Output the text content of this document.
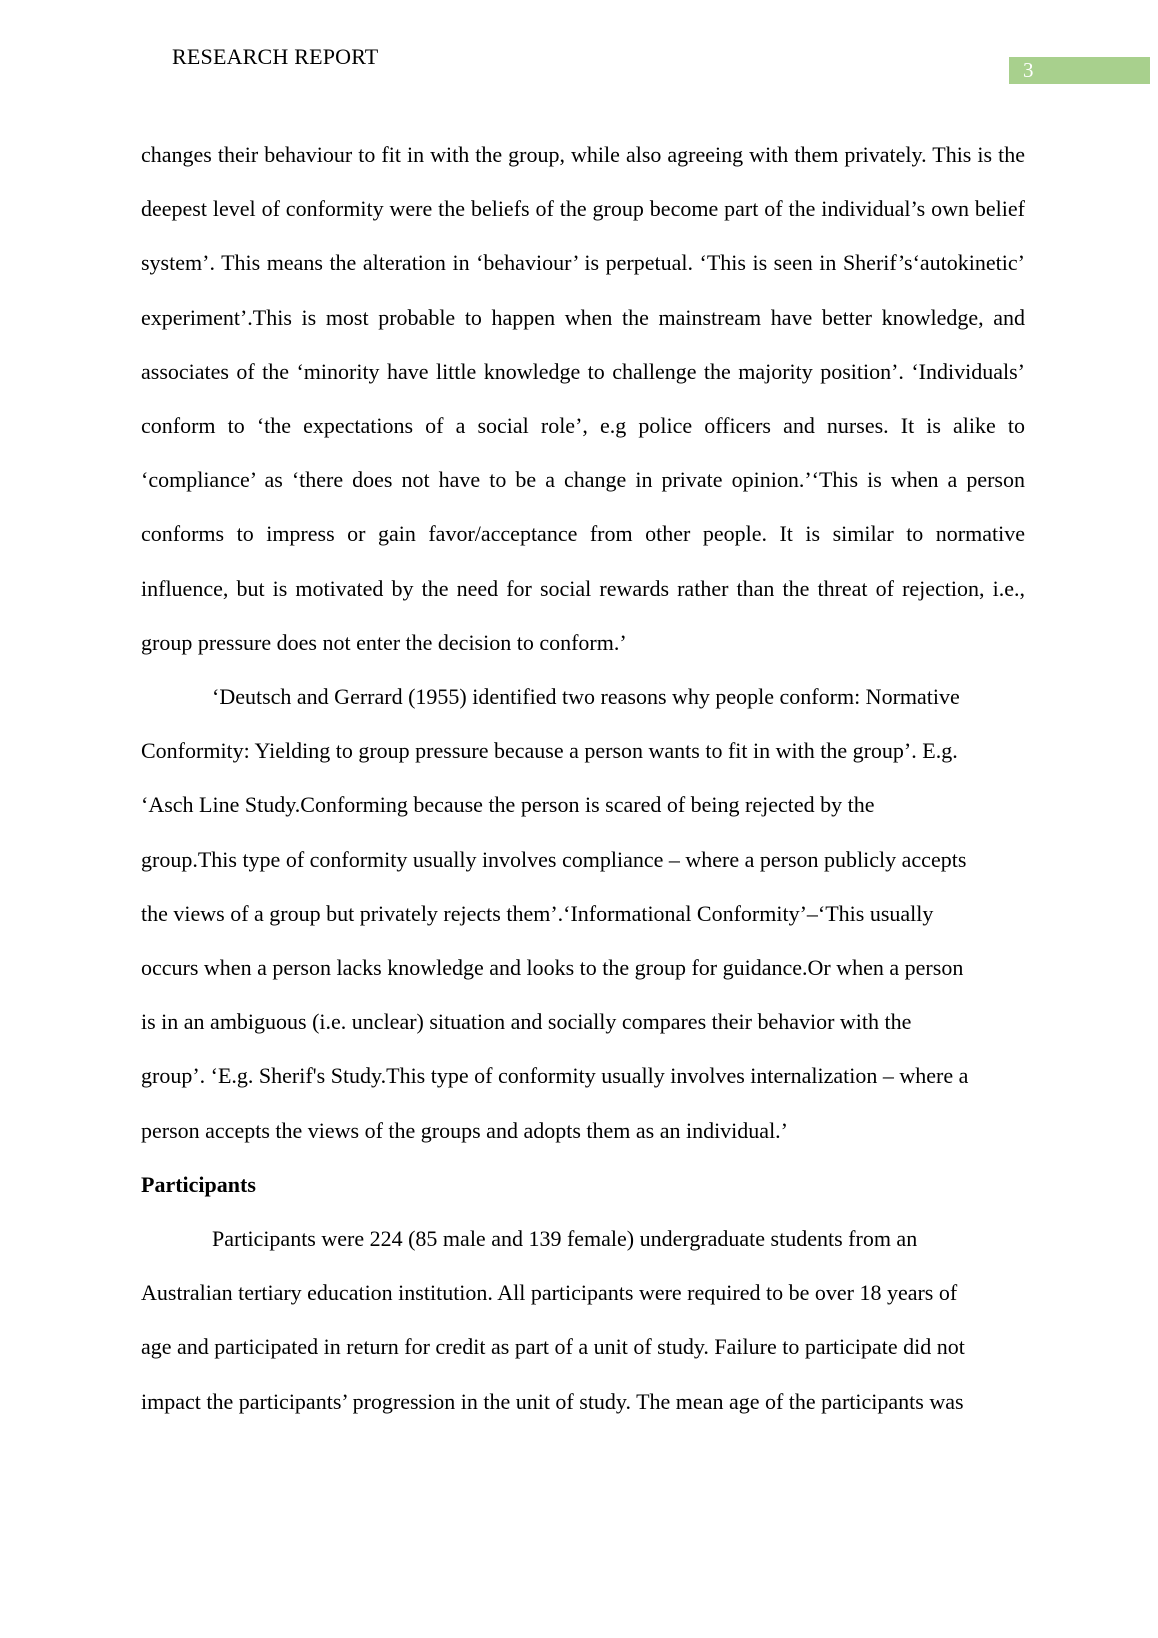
RESEARCH REPORT
3

changes their behaviour to fit in with the group, while also agreeing with them privately. This is the deepest level of conformity were the beliefs of the group become part of the individual’s own belief system’. This means the alteration in ‘behaviour’ is perpetual. ‘This is seen in Sherif’s‘autokinetic’ experiment’.This is most probable to happen when the mainstream have better knowledge, and associates of the ‘minority have little knowledge to challenge the majority position’. ‘Individuals’ conform to ‘the expectations of a social role’, e.g police officers and nurses. It is alike to ‘compliance’ as ‘there does not have to be a change in private opinion.’‘This is when a person conforms to impress or gain favor/acceptance from other people. It is similar to normative influence, but is motivated by the need for social rewards rather than the threat of rejection, i.e., group pressure does not enter the decision to conform.’

‘Deutsch and Gerrard (1955) identified two reasons why people conform: Normative
Conformity: Yielding to group pressure because a person wants to fit in with the group’. E.g.
‘Asch Line Study.Conforming because the person is scared of being rejected by the
group.This type of conformity usually involves compliance – where a person publicly accepts
the views of a group but privately rejects them’.‘Informational Conformity’–‘This usually
occurs when a person lacks knowledge and looks to the group for guidance.Or when a person
is in an ambiguous (i.e. unclear) situation and socially compares their behavior with the
group’. ‘E.g. Sherif's Study.This type of conformity usually involves internalization – where a
person accepts the views of the groups and adopts them as an individual.’
Participants
Participants were 224 (85 male and 139 female) undergraduate students from an
Australian tertiary education institution. All participants were required to be over 18 years of
age and participated in return for credit as part of a unit of study. Failure to participate did not
impact the participants’ progression in the unit of study. The mean age of the participants was
